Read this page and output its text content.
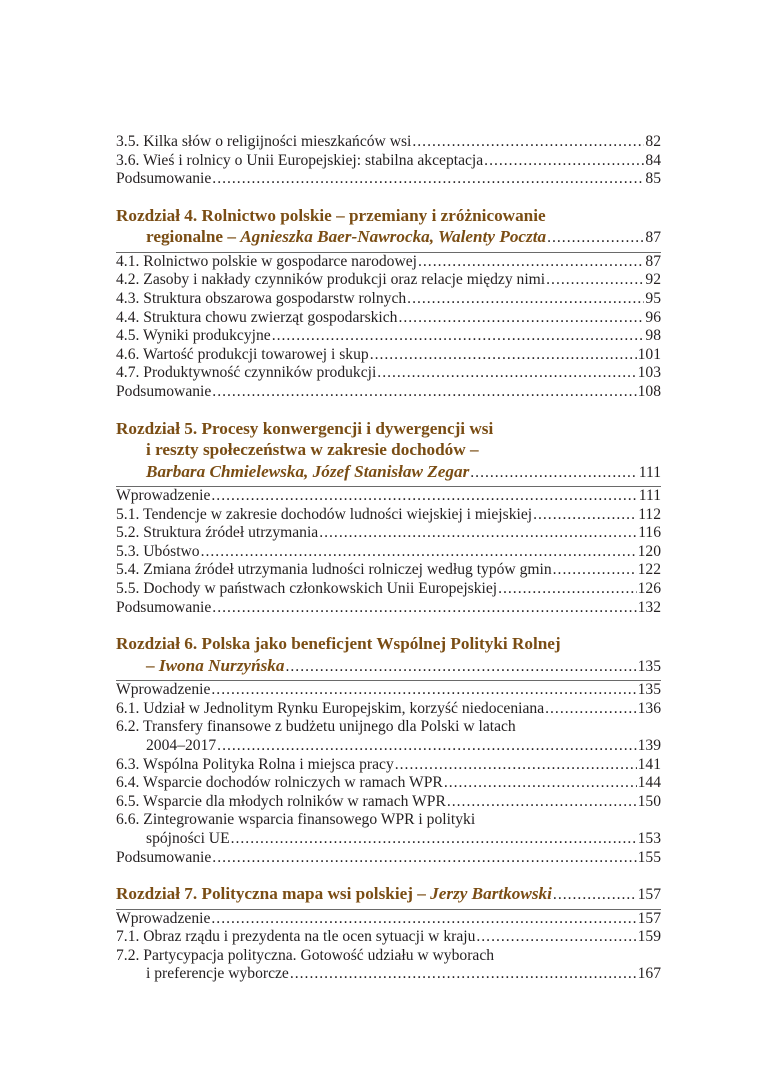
3.5. Kilka słów o religijności mieszkańców wsi .....	82
3.6. Wieś i rolnicy o Unii Europejskiej: stabilna akceptacja .....	84
Podsumowanie .....	85
Rozdział 4. Rolnictwo polskie – przemiany i zróżnicowanie
regionalne – Agnieszka Baer-Nawrocka, Walenty Poczta .....	87
4.1. Rolnictwo polskie w gospodarce narodowej .....	87
4.2. Zasoby i nakłady czynników produkcji oraz relacje między nimi .....	92
4.3. Struktura obszarowa gospodarstw rolnych .....	95
4.4. Struktura chowu zwierząt gospodarskich .....	96
4.5. Wyniki produkcyjne .....	98
4.6. Wartość produkcji towarowej i skup .....	101
4.7. Produktywność czynników produkcji .....	103
Podsumowanie .....	108
Rozdział 5. Procesy konwergencji i dywergencji wsi
i reszty społeczeństwa w zakresie dochodów –
Barbara Chmielewska, Józef Stanisław Zegar .....	111
Wprowadzenie .....	111
5.1. Tendencje w zakresie dochodów ludności wiejskiej i miejskiej .....	112
5.2. Struktura źródeł utrzymania .....	116
5.3. Ubóstwo .....	120
5.4. Zmiana źródeł utrzymania ludności rolniczej według typów gmin .....	122
5.5. Dochody w państwach członkowskich Unii Europejskiej .....	126
Podsumowanie .....	132
Rozdział 6. Polska jako beneficjent Wspólnej Polityki Rolnej
– Iwona Nurzyńska .....	135
Wprowadzenie .....	135
6.1. Udział w Jednolitym Rynku Europejskim, korzyść niedoceniana .....	136
6.2. Transfery finansowe z budżetu unijnego dla Polski w latach
2004–2017 .....	139
6.3. Wspólna Polityka Rolna i miejsca pracy .....	141
6.4. Wsparcie dochodów rolniczych w ramach WPR .....	144
6.5. Wsparcie dla młodych rolników w ramach WPR .....	150
6.6. Zintegrowanie wsparcia finansowego WPR i polityki
spójności UE .....	153
Podsumowanie .....	155
Rozdział 7. Polityczna mapa wsi polskiej – Jerzy Bartkowski .....	157
Wprowadzenie .....	157
7.1. Obraz rządu i prezydenta na tle ocen sytuacji w kraju .....	159
7.2. Partycypacja polityczna. Gotowość udziału w wyborach
i preferencje wyborcze .....	167
